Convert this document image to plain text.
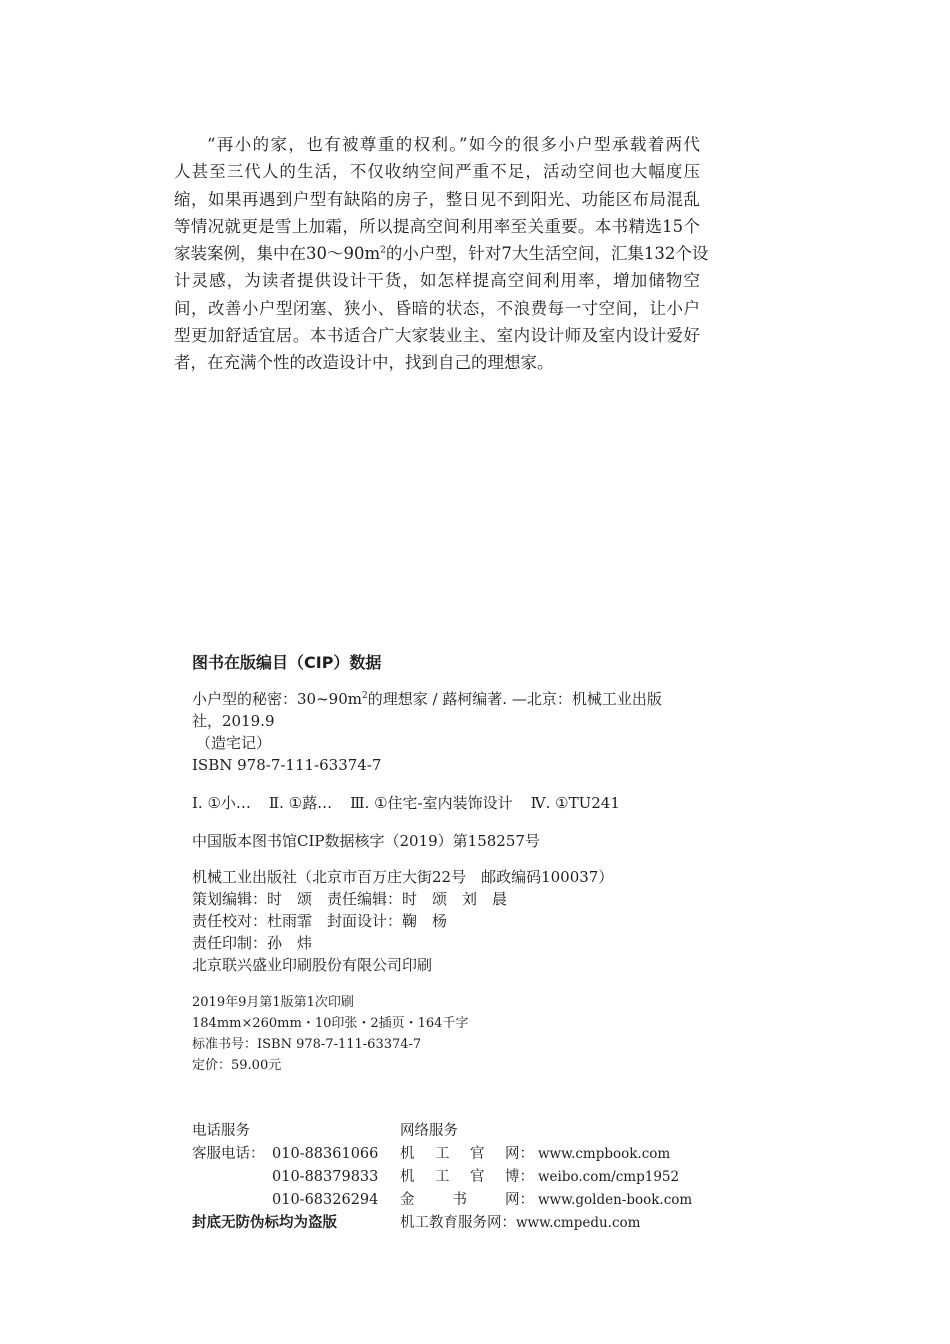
“再小的家，也有被尊重的权利。”如今的很多小户型承载着两代
人甚至三代人的生活，不仅收纳空间严重不足，活动空间也大幅度压
缩，如果再遇到户型有缺陷的房子，整日见不到阳光、功能区布局混乱
等情况就更是雪上加霜，所以提高空间利用率至关重要。本书精选15个
家装案例，集中在$30\sim 90m^2$的小户型，针对7大生活空间，汇集132个设
计灵感，为读者提供设计干货，如怎样提高空间利用率，增加储物空
间，改善小户型闭塞、狭小、昏暗的状态，不浪费每一寸空间，让小户
型更加舒适宜居。本书适合广大家装业主、室内设计师及室内设计爱好
者，在充满个性的改造设计中，找到自己的理想家。
图书在版编目（CIP）数据
小户型的秘密：$30\sim 90m^2$的理想家 / 蕗柯编著. —北京：机械工业出版
社，2019.9
（造宅记）
ISBN 978-7-111-63374-7
Ⅰ. ①小… Ⅱ. ①蕗… Ⅲ. ①住宅-室内装饰设计 Ⅳ. ①TU241
中国版本图书馆CIP数据核字（2019）第158257号
机械工业出版社（北京市百万庄大街22号　邮政编码100037）
策划编辑：时　颂　责任编辑：时　颂　刘　晨
责任校对：杜雨霏　封面设计：鞠　杨
责任印制：孙　炜
北京联兴盛业印刷股份有限公司印刷
2019年9月第1版第1次印刷
184mm×260mm・10印张・2插页・164千字
标准书号：ISBN 978-7-111-63374-7
定价：59.00元
电话服务	网络服务
客服电话： 010-88361066 机 工 官 网： www.cmpbook.com
010-88379833 机 工 官 博： weibo.com/cmp1952
010-68326294 金	书	网： www.golden-book.com
封底无防伪标均为盗版	机工教育服务网： www.cmpedu.com
